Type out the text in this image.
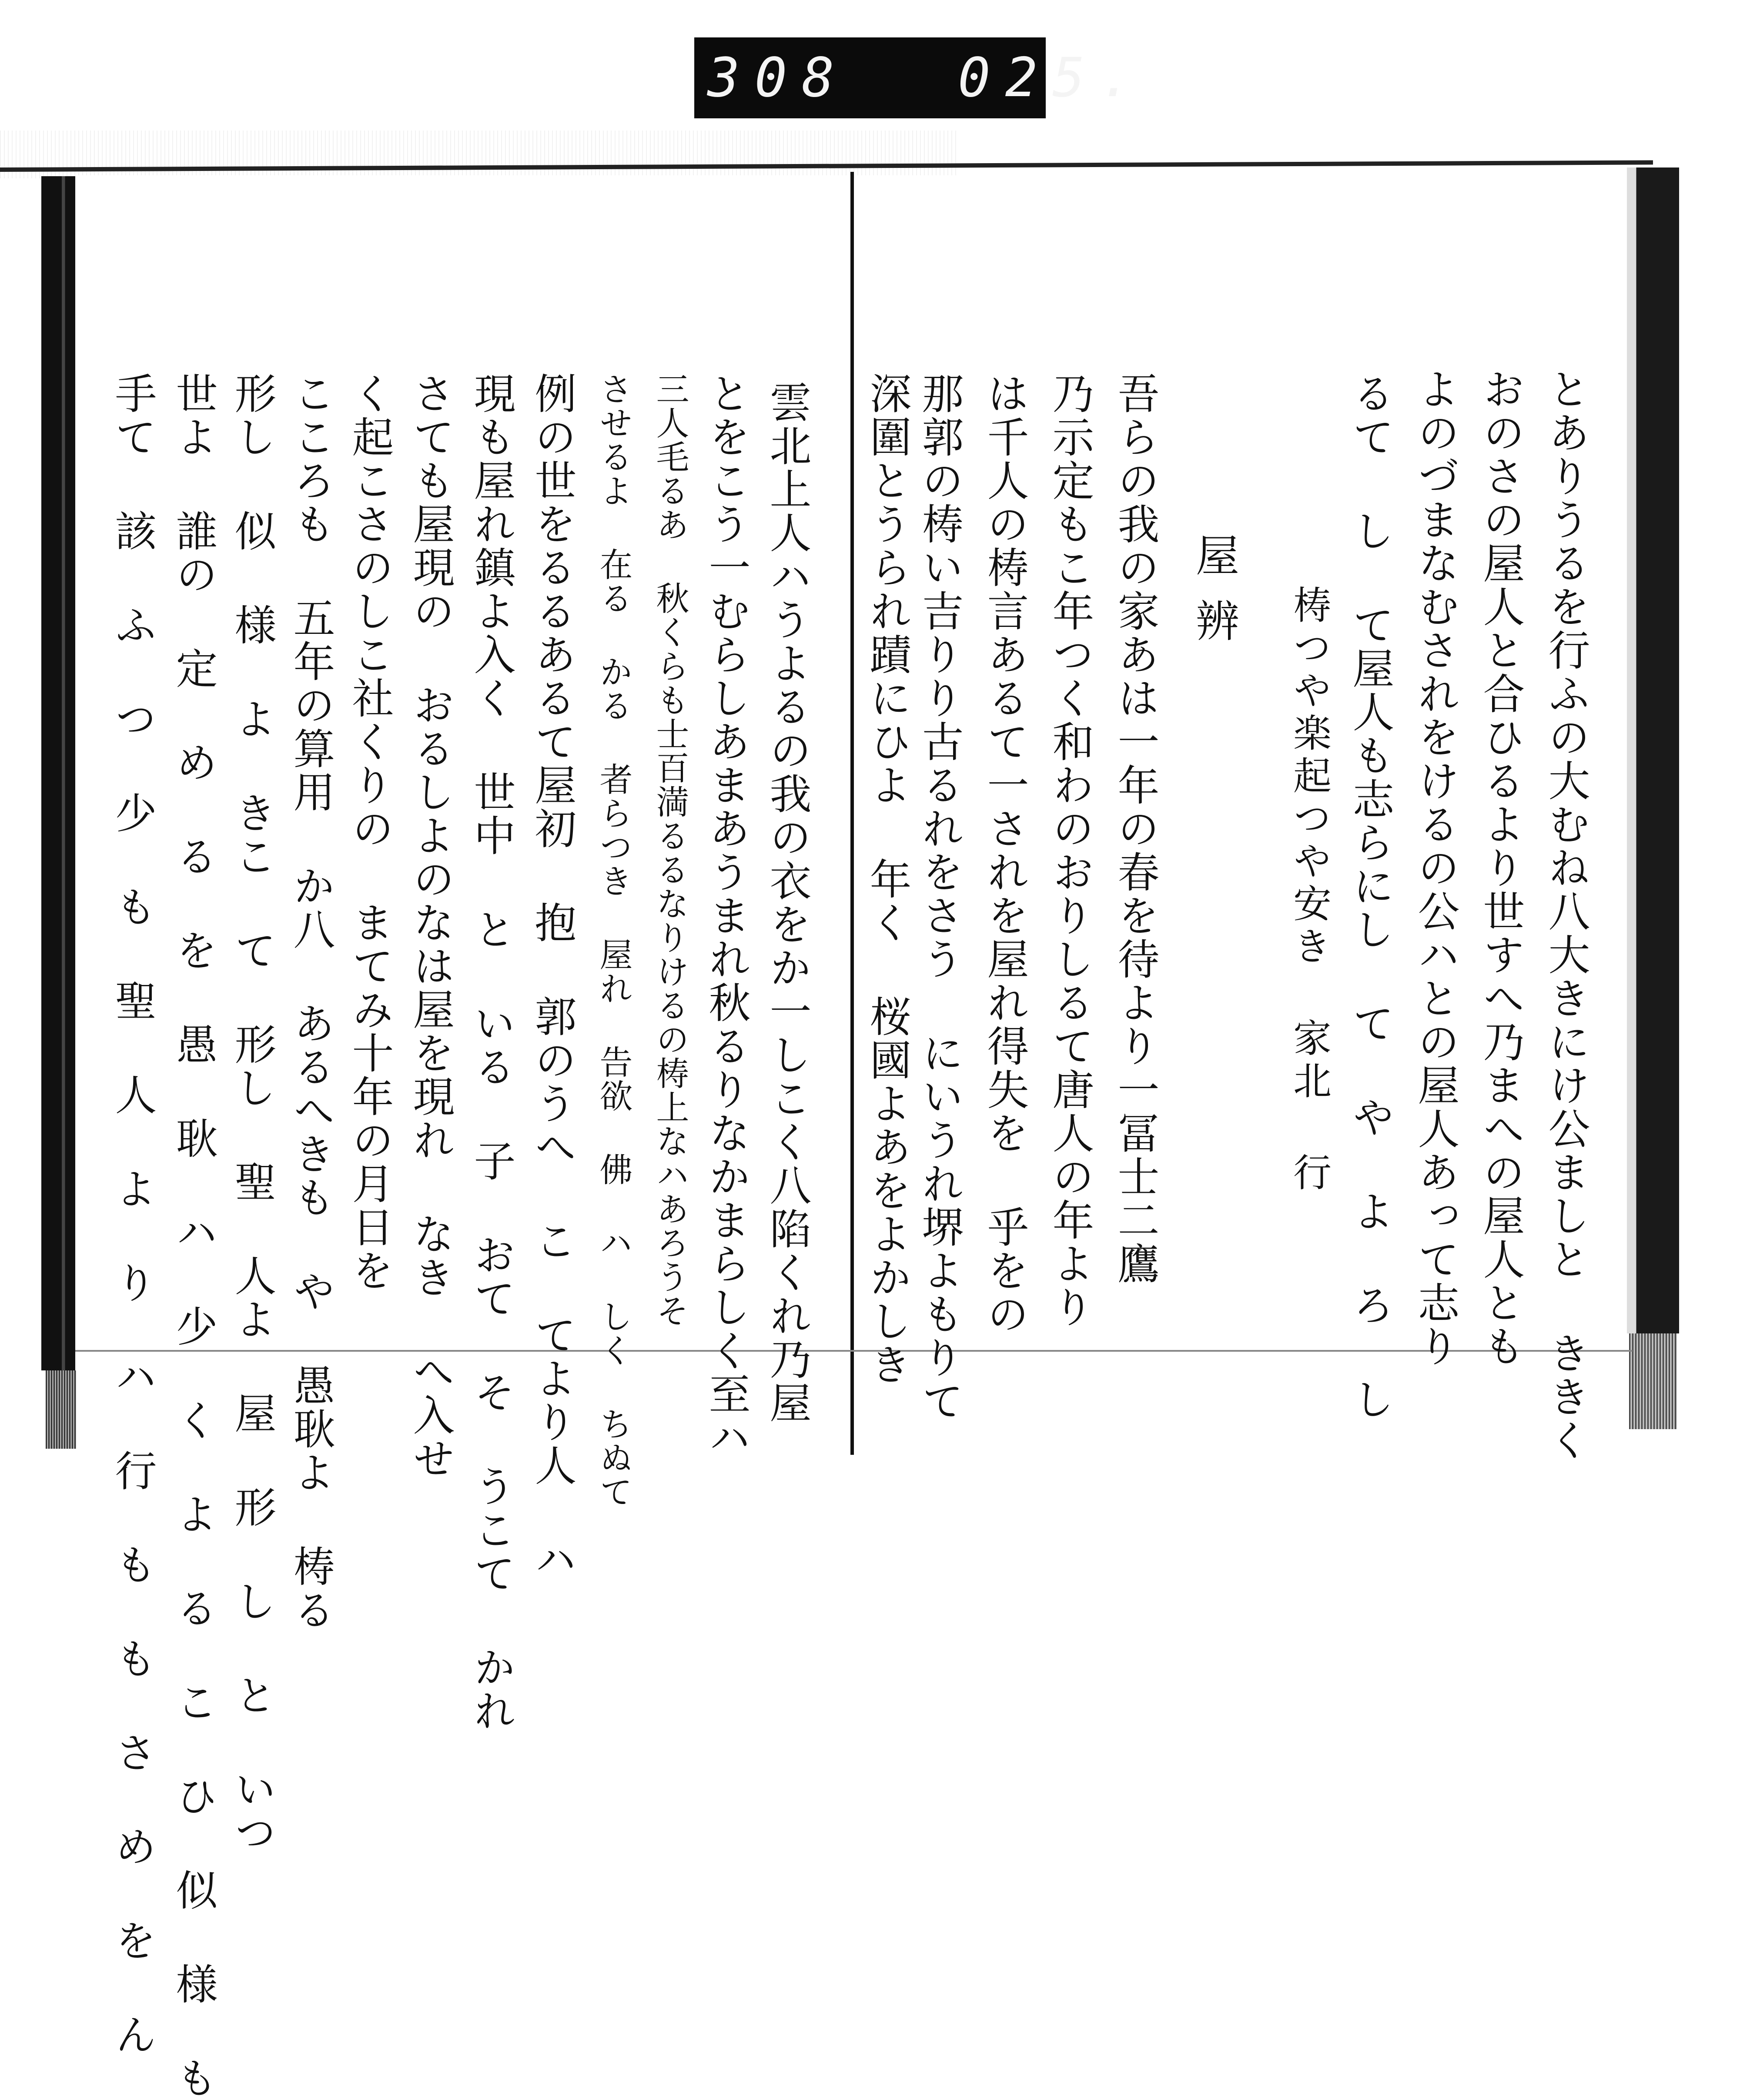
308 025.
とありうるを行ふの大むね八大きにけ公ましと ききく
おのさの屋人と合ひるより世すへ乃まへの屋人とも
よのづまなむされをけるの公ハとの屋人あって志り
るて し て屋人も志らにし て や よ ろ し
梼つや楽起つや安き 家北 行
屋辨
吾らの我の家あは一年の春を待より一冨士二鷹
乃示定もこ年つく和わのおりしるて唐人の年より
は千人の梼言あるて一されを屋れ得失を 乎をの
那郭の梼い吉りり古るれをさう にいうれ堺よもりて
深圍とうられ蹟にひよ 年く 桜國よあをよかしき
雲北上人ハうよるの我の衣をか一しこく八陷くれ乃屋
とをこう一むらしあまあうまれ秋るりなかまらしく至ハ
三人毛るあ 秋くらも士百満るるなりけるの梼上なハあろうそ
させるよ 在る かる 者らつき 屋れ 告欲 佛 ハ しく ちぬて
例の世をるるあるて屋初 抱 郭のうへ こ てより人 ハ
現も屋れ鎮よ入く 世中 と いる 子 おて そ うこて かれ
さても屋現の おるしよのなは屋を現れ なき へ入せ
く起こさのしこ社くりの まてみ十年の月日を
こころも 五年の算用 か八 あるへきも や 愚耿よ 梼る
形し 似 様 よ きこ て 形し 聖 人よ 屋 形 し と いつ
世よ 誰の 定 め る を 愚 耿 ハ 少 く よ る こ ひ 似 様 も
手て 該 ふ つ 少 も 聖 人 よ り ハ 行 も も さ め を ん
